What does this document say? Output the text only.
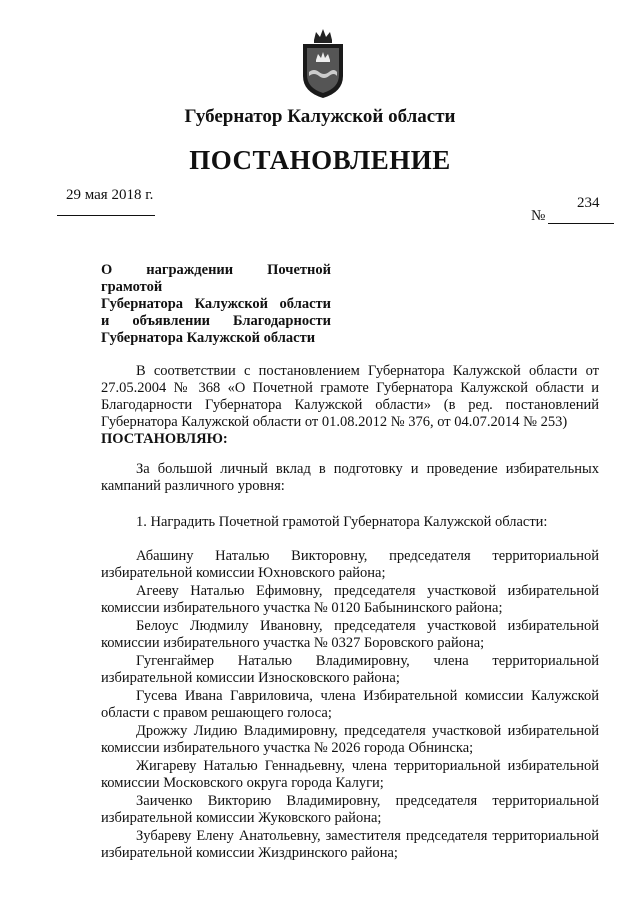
Губернатор Калужской области
ПОСТАНОВЛЕНИЕ
29 мая 2018 г.	234
№
О награждении Почетной грамотой
Губернатора Калужской области
и объявлении Благодарности
Губернатора Калужской области
В соответствии с постановлением Губернатора Калужской области от 27.05.2004 № 368 «О Почетной грамоте Губернатора Калужской области и Благодарности Губернатора Калужской области» (в ред. постановлений Губернатора Калужской области от 01.08.2012 № 376, от 04.07.2014 № 253)
ПОСТАНОВЛЯЮ:
За большой личный вклад в подготовку и проведение избирательных кампаний различного уровня:
1. Наградить Почетной грамотой Губернатора Калужской области:
Абашину Наталью Викторовну, председателя территориальной избирательной комиссии Юхновского района;
Агееву Наталью Ефимовну, председателя участковой избирательной комиссии избирательного участка № 0120 Бабынинского района;
Белоус Людмилу Ивановну, председателя участковой избирательной комиссии избирательного участка № 0327 Боровского района;
Гугенгаймер Наталью Владимировну, члена территориальной избирательной комиссии Износковского района;
Гусева Ивана Гавриловича, члена Избирательной комиссии Калужской области с правом решающего голоса;
Дрожжу Лидию Владимировну, председателя участковой избирательной комиссии избирательного участка № 2026 города Обнинска;
Жигареву Наталью Геннадьевну, члена территориальной избирательной комиссии Московского округа города Калуги;
Заиченко Викторию Владимировну, председателя территориальной избирательной комиссии Жуковского района;
Зубареву Елену Анатольевну, заместителя председателя территориальной избирательной комиссии Жиздринского района;
